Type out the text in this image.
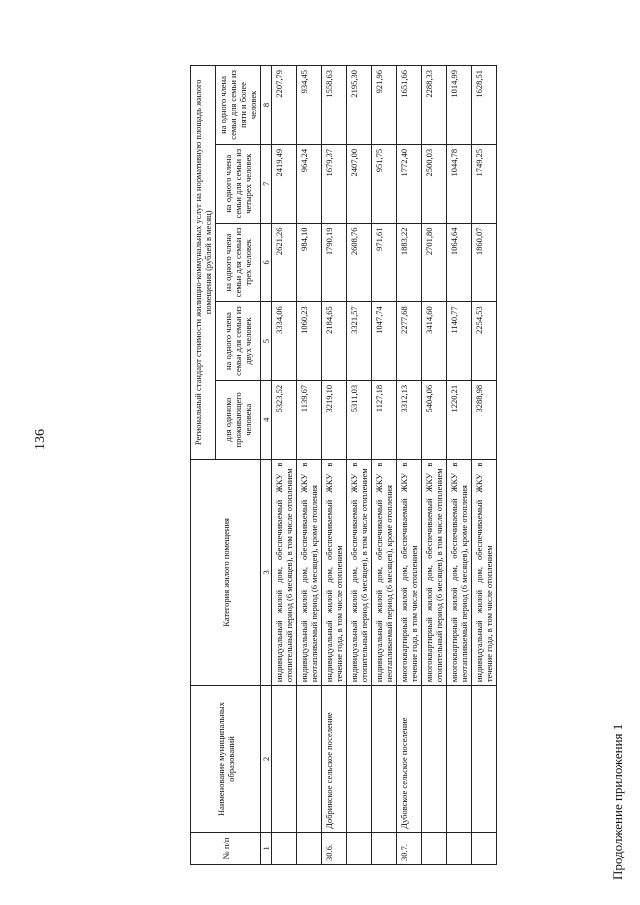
136
Продолжение приложения 1
№ п/п	Наименование муниципальных образований	Категория жилого помещения	Региональный стандарт стоимости жилищно-коммунальных услуг на нормативную площадь жилого помещения (рублей в месяц)				
			для одиноко проживающего человека	на одного члена семьи для семьи из двух человек	на одного члена семьи для семьи из трех человек	на одного члена семьи для семьи из четырех человек	на одного члена семьи для семьи из пяти и более человек
1	2	3	4	5	6	7	8
		индивидуальный жилой дом, обеспечиваемый ЖКУ в отопительный период (6 месяцев), в том числе отоплением	5323,52	3334,06	2621,26	2419,49	2207,79
		индивидуальный жилой дом, обеспечиваемый ЖКУ в неотапливаемый период (6 месяцев), кроме отопления	1139,67	1060,23	984,10	964,24	934,45
30.6.	Добринское сельское поселение	индивидуальный жилой дом, обеспечиваемый ЖКУ в течение года, в том числе отоплением	3219,10	2184,65	1790,19	1679,37	1558,63
		индивидуальный жилой дом, обеспечиваемый ЖКУ в отопительный период (6 месяцев), в том числе отоплением	5311,03	3321,57	2608,76	2407,00	2195,30
		индивидуальный жилой дом, обеспечиваемый ЖКУ в неотапливаемый период (6 месяцев), кроме отопления	1127,18	1047,74	971,61	951,75	921,96
30.7.	Дубовское сельское поселение	многоквартирный жилой дом, обеспечиваемый ЖКУ в течение года, в том числе отоплением	3312,13	2277,68	1883,22	1772,40	1651,66
		многоквартирный жилой дом, обеспечиваемый ЖКУ в отопительный период (6 месяцев), в том числе отоплением	5404,06	3414,60	2701,80	2500,03	2288,33
		многоквартирный жилой дом, обеспечиваемый ЖКУ в неотапливаемый период (6 месяцев), кроме отопления	1220,21	1140,77	1064,64	1044,78	1014,99
		индивидуальный жилой дом, обеспечиваемый ЖКУ в течение года, в том числе отоплением	3288,98	2254,53	1860,07	1749,25	1628,51
